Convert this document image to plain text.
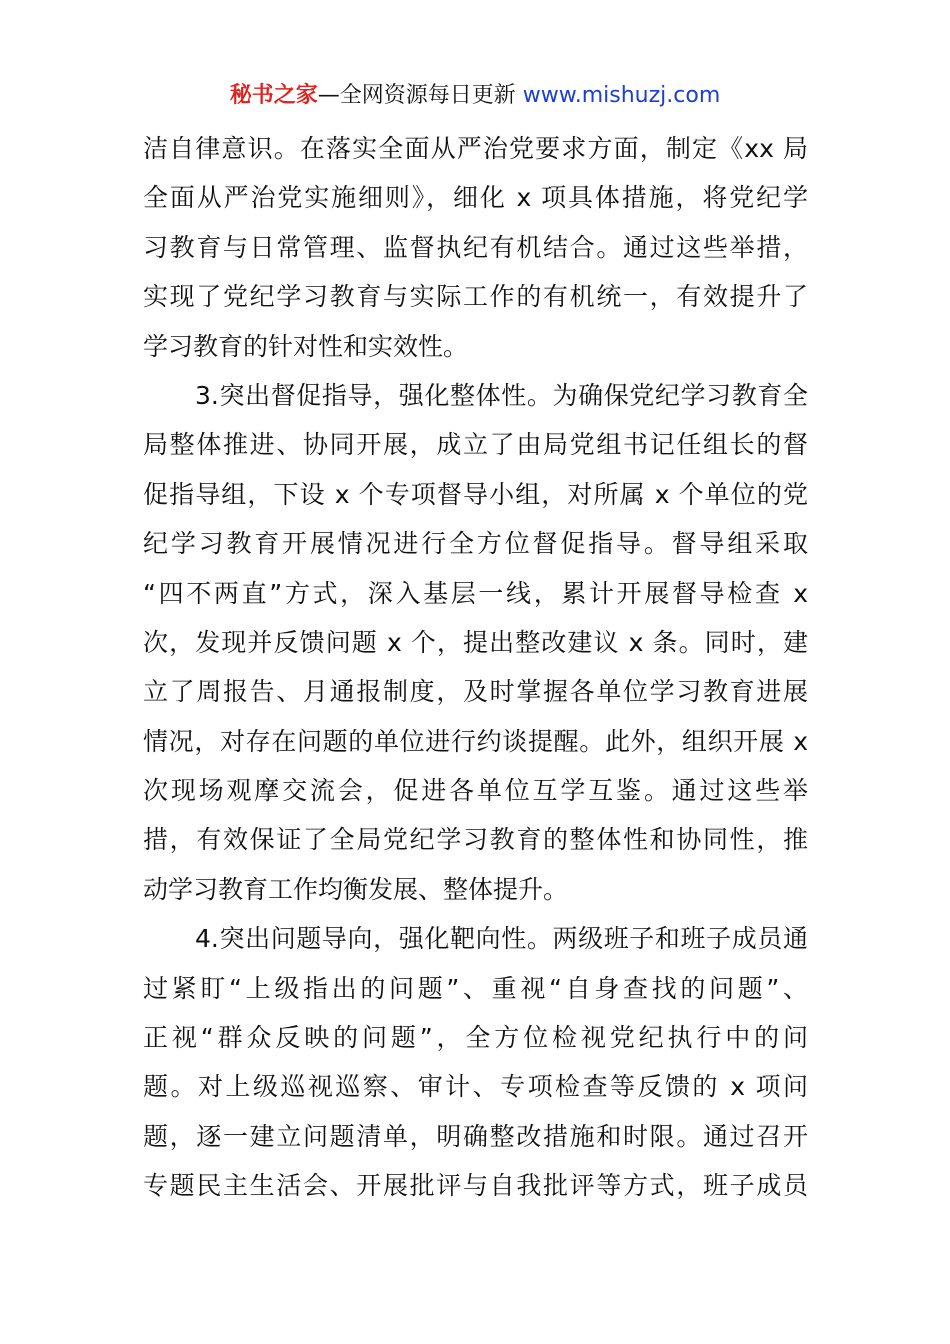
秘书之家—全网资源每日更新 www.mishuzj.com
洁自律意识。在落实全面从严治党要求方面，制定《xx 局
全面从严治党实施细则》，细化 x 项具体措施，将党纪学
习教育与日常管理、监督执纪有机结合。通过这些举措，
实现了党纪学习教育与实际工作的有机统一，有效提升了
学习教育的针对性和实效性。
3.突出督促指导，强化整体性。为确保党纪学习教育全
局整体推进、协同开展，成立了由局党组书记任组长的督
促指导组，下设 x 个专项督导小组，对所属 x 个单位的党
纪学习教育开展情况进行全方位督促指导。督导组采取
“四不两直”方式，深入基层一线，累计开展督导检查 x
次，发现并反馈问题 x 个，提出整改建议 x 条。同时，建
立了周报告、月通报制度，及时掌握各单位学习教育进展
情况，对存在问题的单位进行约谈提醒。此外，组织开展 x
次现场观摩交流会，促进各单位互学互鉴。通过这些举
措，有效保证了全局党纪学习教育的整体性和协同性，推
动学习教育工作均衡发展、整体提升。
4.突出问题导向，强化靶向性。两级班子和班子成员通
过紧盯“上级指出的问题”、重视“自身查找的问题”、
正视“群众反映的问题”，全方位检视党纪执行中的问
题。对上级巡视巡察、审计、专项检查等反馈的 x 项问
题，逐一建立问题清单，明确整改措施和时限。通过召开
专题民主生活会、开展批评与自我批评等方式，班子成员
